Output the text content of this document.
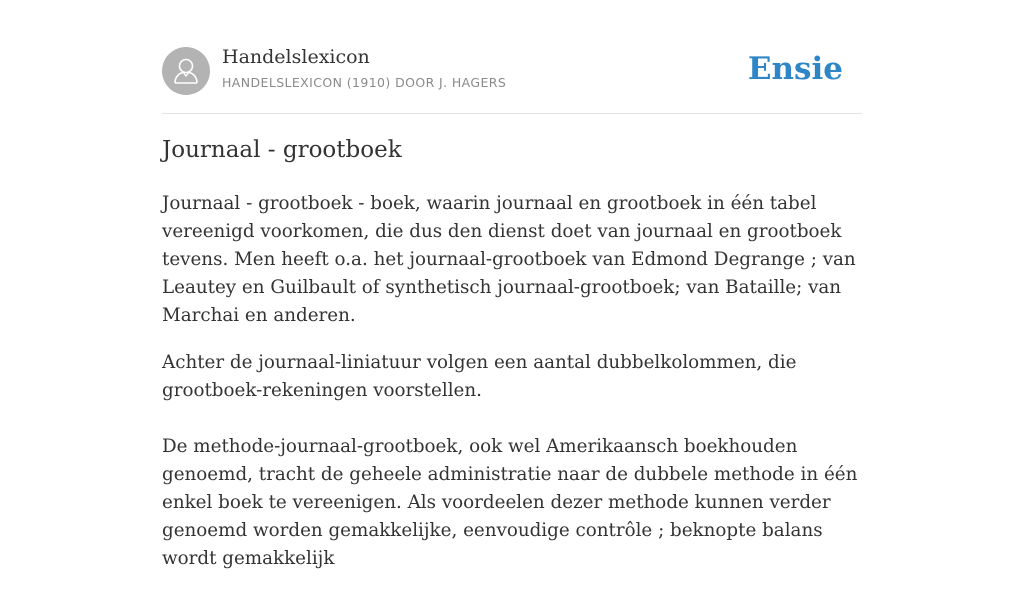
Handelslexicon
HANDELSLEXICON (1910) DOOR J. HAGERS	Ensie
Journaal - grootboek

Journaal - grootboek - boek, waarin journaal en grootboek in één tabel vereenigd voorkomen, die dus den dienst doet van journaal en grootboek tevens. Men heeft o.a. het journaal-grootboek van Edmond Degrange ; van Leautey en Guilbault of synthetisch journaal-grootboek; van Bataille; van Marchai en anderen.

Achter de journaal-liniatuur volgen een aantal dubbelkolommen, die grootboek-rekeningen voorstellen.

De methode-journaal-grootboek, ook wel Amerikaansch boekhouden genoemd, tracht de geheele administratie naar de dubbele methode in één enkel boek te vereenigen. Als voordeelen dezer methode kunnen verder genoemd worden gemakkelijke, eenvoudige contrôle ; beknopte balans wordt gemakkelijk
